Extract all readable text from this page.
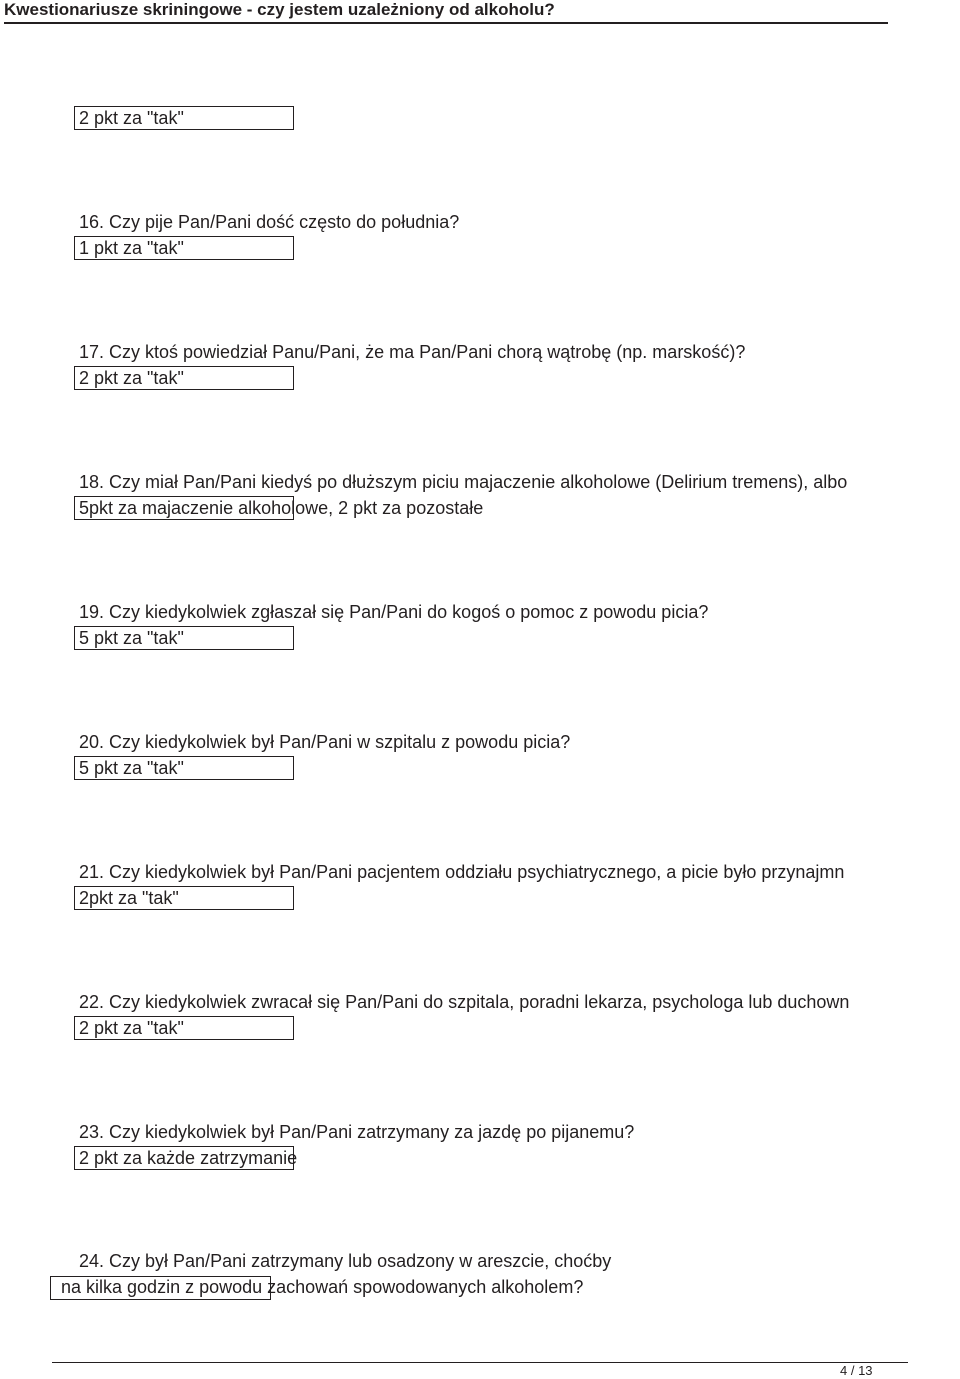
Kwestionariusze skriningowe - czy jestem uzależniony od alkoholu?
2 pkt za "tak"
16. Czy pije Pan/Pani dość często do południa?
1 pkt za "tak"
17. Czy ktoś powiedział Panu/Pani, że ma Pan/Pani chorą wątrobę (np. marskość)?
2 pkt za "tak"
18. Czy miał Pan/Pani kiedyś po dłuższym piciu majaczenie alkoholowe (Delirium tremens), albo
5pkt za majaczenie alkoholowe, 2 pkt za pozostałe
19. Czy kiedykolwiek zgłaszał się Pan/Pani do kogoś o pomoc z powodu picia?
5 pkt za "tak"
20. Czy kiedykolwiek był Pan/Pani w szpitalu z powodu picia?
5 pkt za "tak"
21. Czy kiedykolwiek był Pan/Pani pacjentem oddziału psychiatrycznego, a picie było przynajmn
2pkt za "tak"
22. Czy kiedykolwiek zwracał się Pan/Pani do szpitala, poradni lekarza, psychologa lub duchown
2 pkt za "tak"
23. Czy kiedykolwiek był Pan/Pani zatrzymany za jazdę po pijanemu?
2 pkt za każde zatrzymanie
24. Czy był Pan/Pani zatrzymany lub osadzony w areszcie, choćby
na kilka godzin z powodu zachowań spowodowanych alkoholem?
4 / 13
